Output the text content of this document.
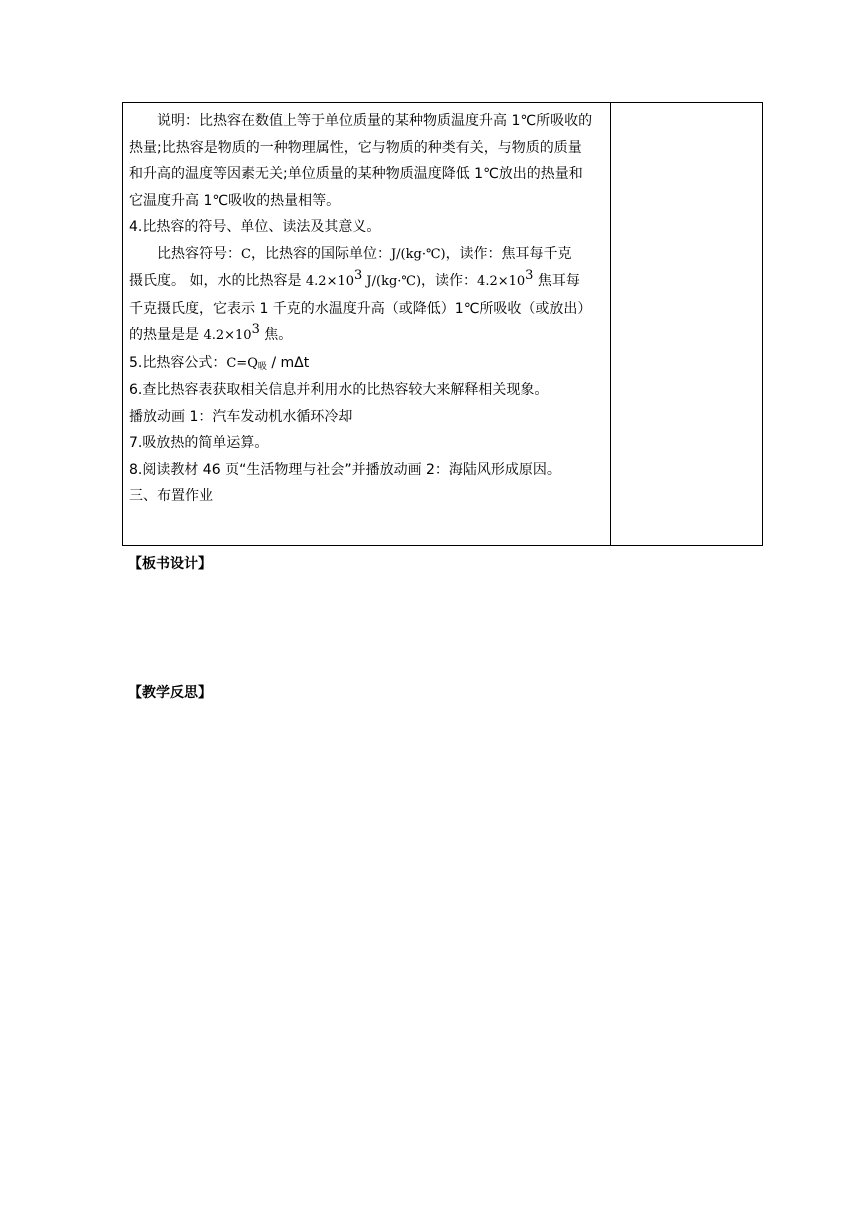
说明：比热容在数值上等于单位质量的某种物质温度升高 1℃所吸收的
热量;比热容是物质的一种物理属性，它与物质的种类有关，与物质的质量
和升高的温度等因素无关;单位质量的某种物质温度降低 1℃放出的热量和
它温度升高 1℃吸收的热量相等。
4.比热容的符号、单位、读法及其意义。
比热容符号：C，比热容的国际单位：J/(kg·℃)，读作：焦耳每千克
摄氏度。 如，水的比热容是 $4.2\times 10^3$ J/(kg·℃)，读作：$4.2\times 10^3$ 焦耳每
千克摄氏度，它表示 1 千克的水温度升高（或降低）1℃所吸收（或放出）
的热量是是 $4.2\times 10^3$ 焦。
5.比热容公式：$C=Q_吸 / m\Delta t$
6.查比热容表获取相关信息并利用水的比热容较大来解释相关现象。
播放动画 1：汽车发动机水循环冷却
7.吸放热的简单运算。
8.阅读教材 46 页“生活物理与社会”并播放动画 2：海陆风形成原因。
三、布置作业

【板书设计】
【教学反思】
